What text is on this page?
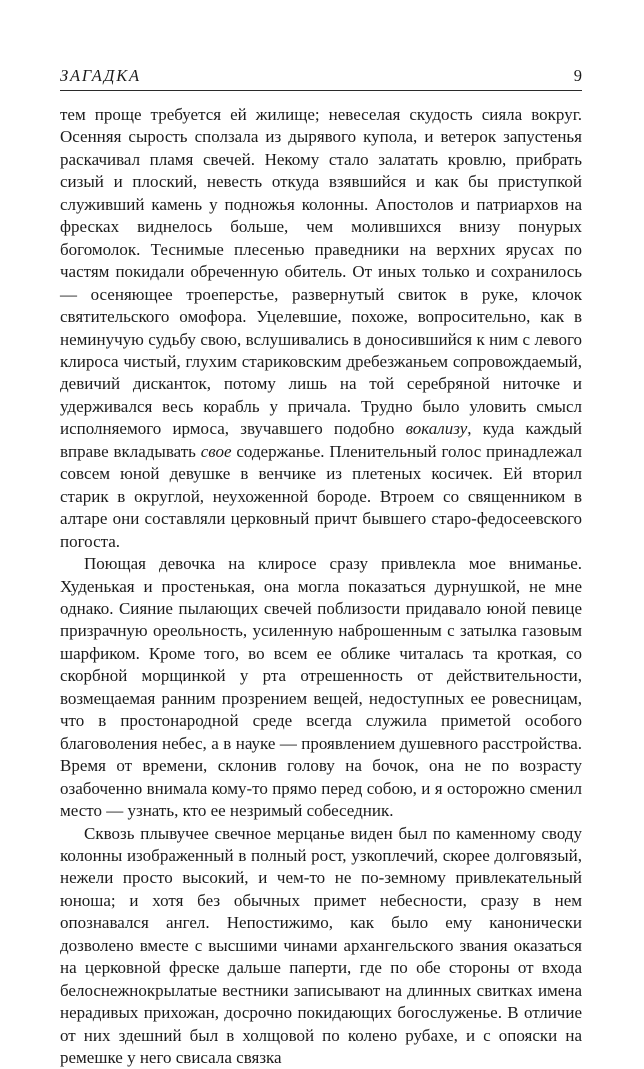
ЗАГАДКА	9

тем проще требуется ей жилище; невеселая скудость сияла вокруг. Осенняя сырость сползала из дырявого купола, и ветерок запустенья раскачивал пламя свечей. Некому стало залатать кровлю, прибрать сизый и плоский, невесть откуда взявшийся и как бы приступкой служивший камень у подножья колонны. Апостолов и патриархов на фресках виднелось больше, чем молившихся внизу понурых богомолок. Теснимые плесенью праведники на верхних ярусах по частям покидали обреченную обитель. От иных только и сохранилось — осеняющее троеперстье, развернутый свиток в руке, клочок святительского омофора. Уцелевшие, похоже, вопросительно, как в неминучую судьбу свою, вслушивались в доносившийся к ним с левого клироса чистый, глухим стариковским дребезжаньем сопровождаемый, девичий дисканток, потому лишь на той серебряной ниточке и удерживался весь корабль у причала. Трудно было уловить смысл исполняемого ирмоса, звучавшего подобно вокализу, куда каждый вправе вкладывать свое содержанье. Пленительный голос принадлежал совсем юной девушке в венчике из плетеных косичек. Ей вторил старик в округлой, неухоженной бороде. Втроем со священником в алтаре они составляли церковный причт бывшего старо-федосеевского погоста.

Поющая девочка на клиросе сразу привлекла мое вниманье. Худенькая и простенькая, она могла показаться дурнушкой, не мне однако. Сияние пылающих свечей поблизости придавало юной певице призрачную ореольность, усиленную наброшенным с затылка газовым шарфиком. Кроме того, во всем ее облике читалась та кроткая, со скорбной морщинкой у рта отрешенность от действительности, возмещаемая ранним прозрением вещей, недоступных ее ровесницам, что в простонародной среде всегда служила приметой особого благоволения небес, а в науке — проявлением душевного расстройства. Время от времени, склонив голову на бочок, она не по возрасту озабоченно внимала кому-то прямо перед собою, и я осторожно сменил место — узнать, кто ее незримый собеседник.

Сквозь плывучее свечное мерцанье виден был по каменному своду колонны изображенный в полный рост, узкоплечий, скорее долговязый, нежели просто высокий, и чем-то не по-земному привлекательный юноша; и хотя без обычных примет небесности, сразу в нем опознавался ангел. Непостижимо, как было ему канонически дозволено вместе с высшими чинами архангельского звания оказаться на церковной фреске дальше паперти, где по обе стороны от входа белоснежнокрылатые вестники записывают на длинных свитках имена нерадивых прихожан, досрочно покидающих богослуженье. В отличие от них здешний был в холщовой по колено рубахе, и с опояски на ремешке у него свисала связка
